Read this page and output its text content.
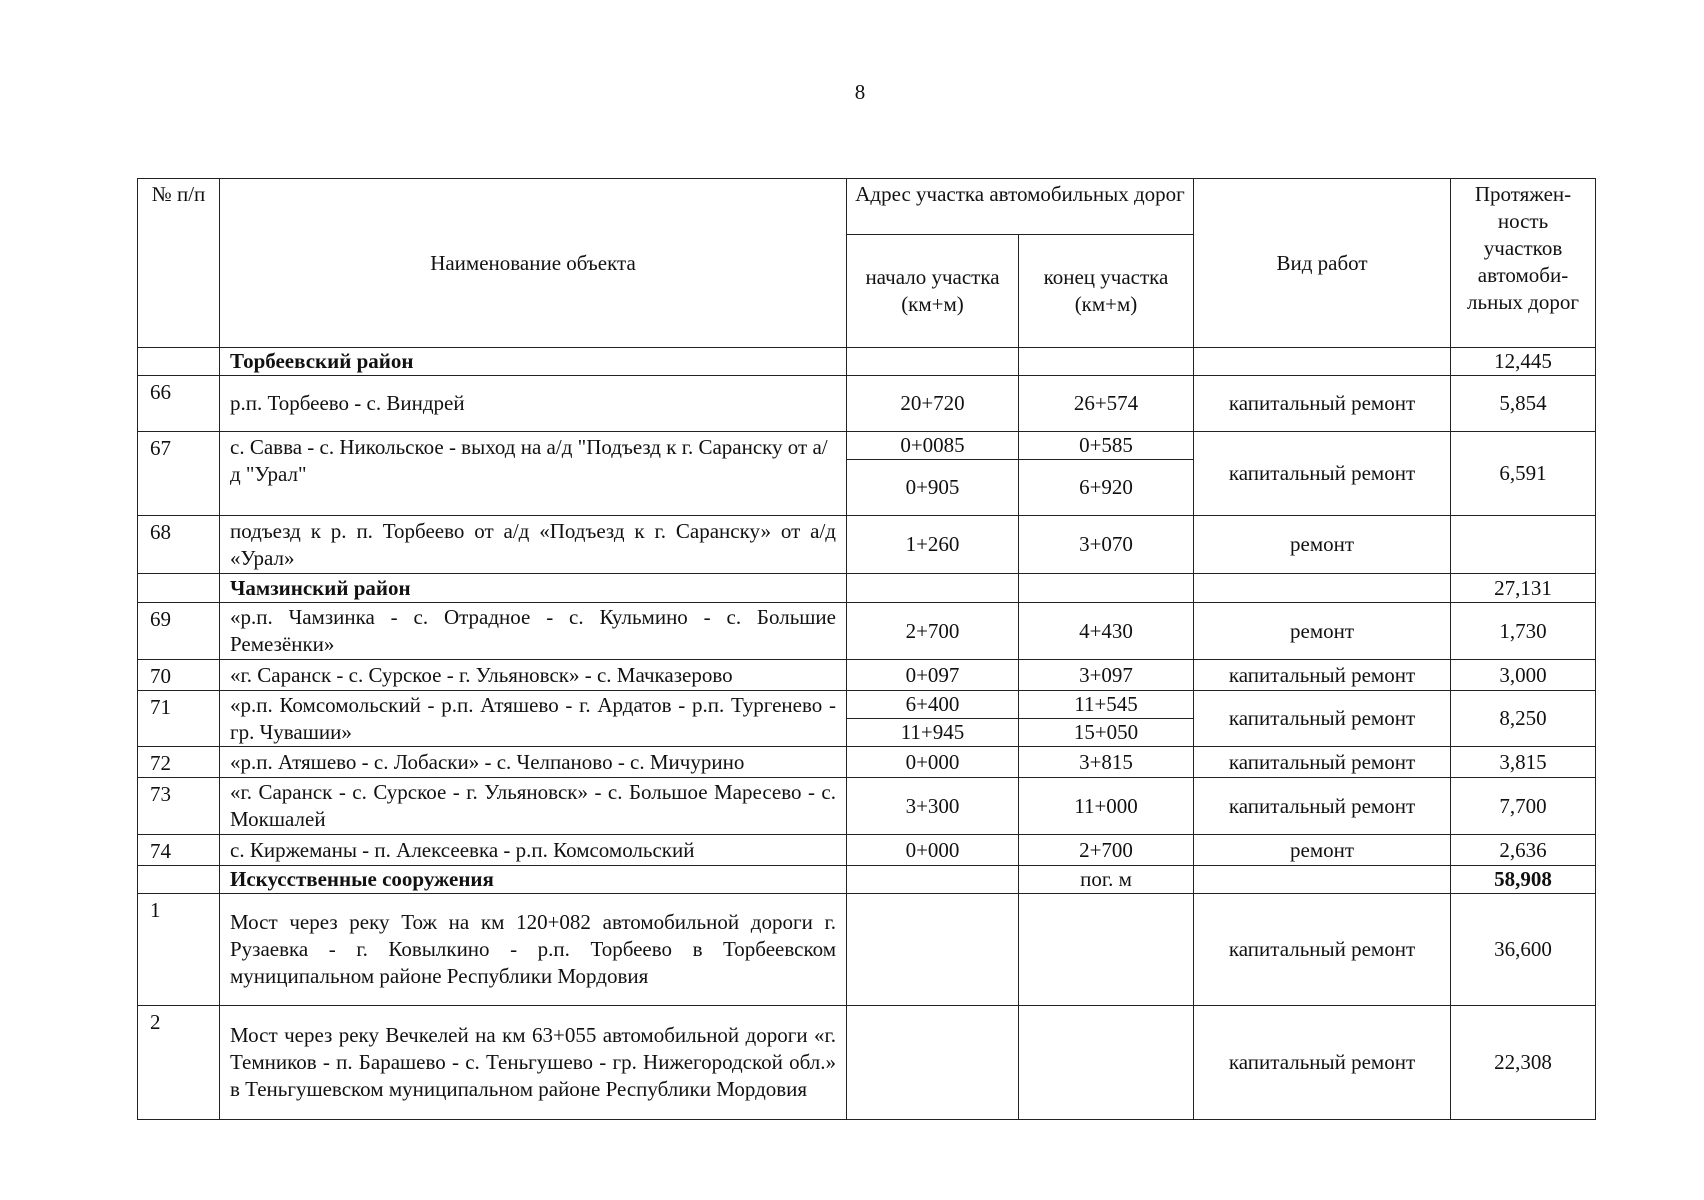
8
№ п/п	Наименование объекта	Адрес участка автомобильных дорог		Вид работ	Протяжен-ность участков автомоби-льных дорог
		начало участка (км+м)	конец участка (км+м)		
	Торбеевский район				12,445
66	р.п. Торбеево - с. Виндрей	20+720	26+574	капитальный ремонт	5,854
67	с. Савва - с. Никольское - выход на а/д "Подъезд к г. Саранску от а/д "Урал"	0+0085	0+585	капитальный ремонт	6,591
		0+905	6+920		
68	подъезд к р. п. Торбеево от а/д «Подъезд к г. Саранску» от а/д «Урал»	1+260	3+070	ремонт	
	Чамзинский район				27,131
69	«р.п. Чамзинка - с. Отрадное - с. Кульмино - с. Большие Ремезёнки»	2+700	4+430	ремонт	1,730
70	«г. Саранск - с. Сурское - г. Ульяновск» - с. Мачказерово	0+097	3+097	капитальный ремонт	3,000
71	«р.п. Комсомольский - р.п. Атяшево - г. Ардатов - р.п. Тургенево - гр. Чувашии»	6+400	11+545	капитальный ремонт	8,250
		11+945	15+050		
72	«р.п. Атяшево - с. Лобаски» - с. Челпаново - с. Мичурино	0+000	3+815	капитальный ремонт	3,815
73	«г. Саранск - с. Сурское - г. Ульяновск» - с. Большое Маресево - с. Мокшалей	3+300	11+000	капитальный ремонт	7,700
74	с. Киржеманы - п. Алексеевка - р.п. Комсомольский	0+000	2+700	ремонт	2,636
	Искусственные сооружения		пог. м		58,908
1	Мост через реку Тож на км 120+082 автомобильной дороги г. Рузаевка - г. Ковылкино - р.п. Торбеево в Торбеевском муниципальном районе Республики Мордовия			капитальный ремонт	36,600
2	Мост через реку Вечкелей на км 63+055 автомобильной дороги «г. Темников - п. Барашево - с. Теньгушево - гр. Нижегородской обл.» в Теньгушевском муниципальном районе Республики Мордовия			капитальный ремонт	22,308
